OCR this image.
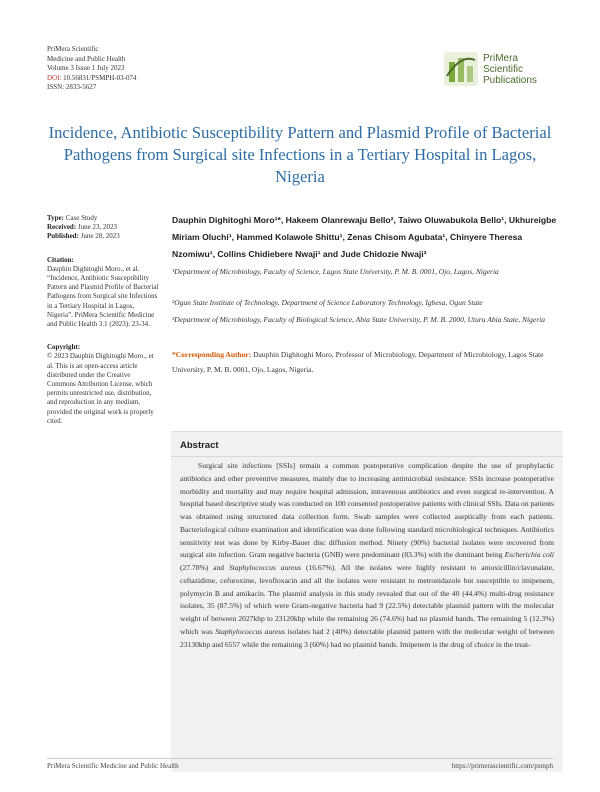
PriMera Scientific
Medicine and Public Health
Volume 3 Issue 1 July 2023
DOI: 10.56831/PSMPH-03-074
ISSN: 2833-5627
PriMera
Scientific
Publications
Incidence, Antibiotic Susceptibility Pattern and Plasmid Profile of Bacterial Pathogens from Surgical site Infections in a Tertiary Hospital in Lagos, Nigeria
Type: Case Study
Received: June 23, 2023
Published: June 28, 2023
Citation:
Dauphin Dighitoghi Moro., et al. “Incidence, Antibiotic Susceptibility Pattern and Plasmid Profile of Bacterial Pathogens from Surgical site Infections in a Tertiary Hospital in Lagos, Nigeria”. PriMera Scientific Medicine and Public Health 3.1 (2023): 23-34.
Copyright:
© 2023 Dauphin Dighitoghi Moro., et al. This is an open-access article distributed under the Creative Commons Attribution License, which permits unrestricted use, distribution, and reproduction in any medium, provided the original work is properly cited.
Dauphin Dighitoghi Moro¹*, Hakeem Olanrewaju Bello², Taiwo Oluwabukola Bello¹, Ukhureigbe Miriam Oluchi¹, Hammed Kolawole Shittu¹, Zenas Chisom Agubata¹, Chinyere Theresa Nzomiwu¹, Collins Chidiebere Nwaji¹ and Jude Chidozie Nwaji³
¹Department of Microbiology, Faculty of Science, Lagos State University, P. M. B. 0001, Ojo, Lagos, Nigeria
²Ogun State Institute of Technology, Department of Science Laboratory Technology, Igbesa, Ogun State
³Department of Microbiology, Faculty of Biological Science, Abia State University, P. M. B. 2000, Uturu Abia State, Nigeria
*Corresponding Author: Dauphin Dighitoghi Moro, Professor of Microbiology, Department of Microbiology, Lagos State University, P. M. B. 0001, Ojo, Lagos, Nigeria.
Abstract
Surgical site infections [SSIs] remain a common postoperative complication despite the use of prophylactic antibiotics and other preventive measures, mainly due to increasing antimicrobial resistance. SSIs increase postoperative morbidity and mortality and may require hospital admission, intravenous antibiotics and even surgical re-intervention. A hospital based descriptive study was conducted on 100 consented postoperative patients with clinical SSIs. Data on patients was obtained using structured data collection form. Swab samples were collected aseptically from each patients. Bacteriological culture examination and identification was done following standard microbiological techniques. Antibiotics sensitivity test was done by Kirby-Bauer disc diffusion method. Ninety (90%) bacterial isolates were recovered from surgical site infection. Gram negative bacteria (GNB) were predominant (83.3%) with the dominant being Escherichia coli (27.78%) and Staphylococcus aureus (16.67%). All the isolates were highly resistant to amoxicillin/clavunalate, ceftazidime, cefuroxime, levofloxacin and all the isolates were resistant to metronidazole but susceptible to imipenem, polymycin B and amikacin. The plasmid analysis in this study revealed that out of the 40 (44.4%) multi-drug resistance isolates, 35 (87.5%) of which were Gram-negative bacteria had 9 (22.5%) detectable plasmid pattern with the molecular weight of between 2027kbp to 23120kbp while the remaining 26 (74.6%) had no plasmid bands. The remaining 5 (12.3%) which was Staphylococcus aureus isolates had 2 (40%) detectable plasmid pattern with the molecular weight of between 23130kbp and 6557 while the remaining 3 (60%) had no plasmid bands. Imipenem is the drug of choice in the treat-
PriMera Scientific Medicine and Public Health	https://primerascientific.com/psmph
